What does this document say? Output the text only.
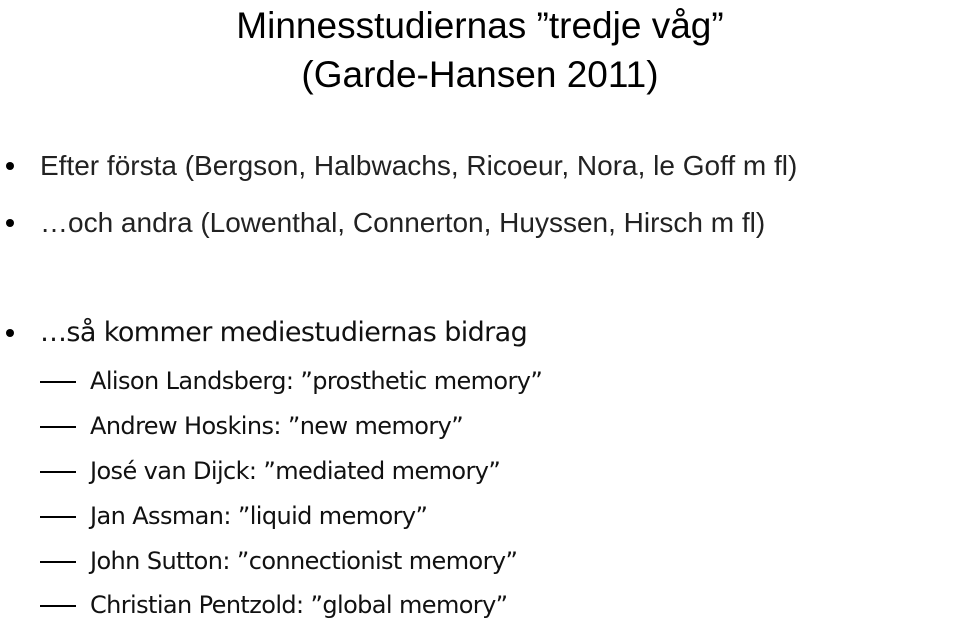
Minnesstudiernas ”tredje våg”
(Garde-Hansen 2011)
Efter första (Bergson, Halbwachs, Ricoeur, Nora, le Goff m fl)
…och andra (Lowenthal, Connerton, Huyssen, Hirsch m fl)
…så kommer mediestudiernas bidrag
Alison Landsberg: ”prosthetic memory”
Andrew Hoskins: ”new memory”
José van Dijck: ”mediated memory”
Jan Assman: ”liquid memory”
John Sutton: ”connectionist memory”
Christian Pentzold: ”global memory”
